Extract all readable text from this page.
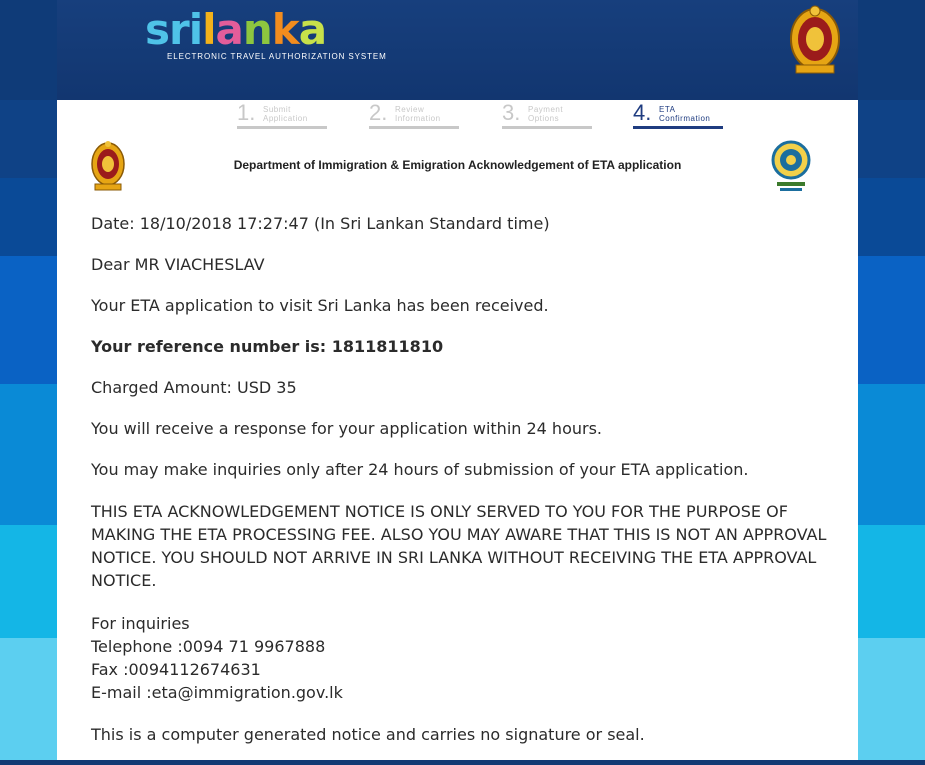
srilanka
ELECTRONIC TRAVEL AUTHORIZATION SYSTEM
1. Submit
Application	2. Review
Information	3. Payment
Options	4. ETA
Confirmation
Department of Immigration & Emigration Acknowledgement of ETA application

Date: 18/10/2018 17:27:47 (In Sri Lankan Standard time)

Dear MR VIACHESLAV

Your ETA application to visit Sri Lanka has been received.

Your reference number is: 1811811810

Charged Amount: USD 35

You will receive a response for your application within 24 hours.

You may make inquiries only after 24 hours of submission of your ETA application.

THIS ETA ACKNOWLEDGEMENT NOTICE IS ONLY SERVED TO YOU FOR THE PURPOSE OF MAKING THE ETA PROCESSING FEE. ALSO YOU MAY AWARE THAT THIS IS NOT AN APPROVAL NOTICE. YOU SHOULD NOT ARRIVE IN SRI LANKA WITHOUT RECEIVING THE ETA APPROVAL NOTICE.

For inquiries
Telephone :0094 71 9967888
Fax :0094112674631
E-mail :eta@immigration.gov.lk

This is a computer generated notice and carries no signature or seal.
